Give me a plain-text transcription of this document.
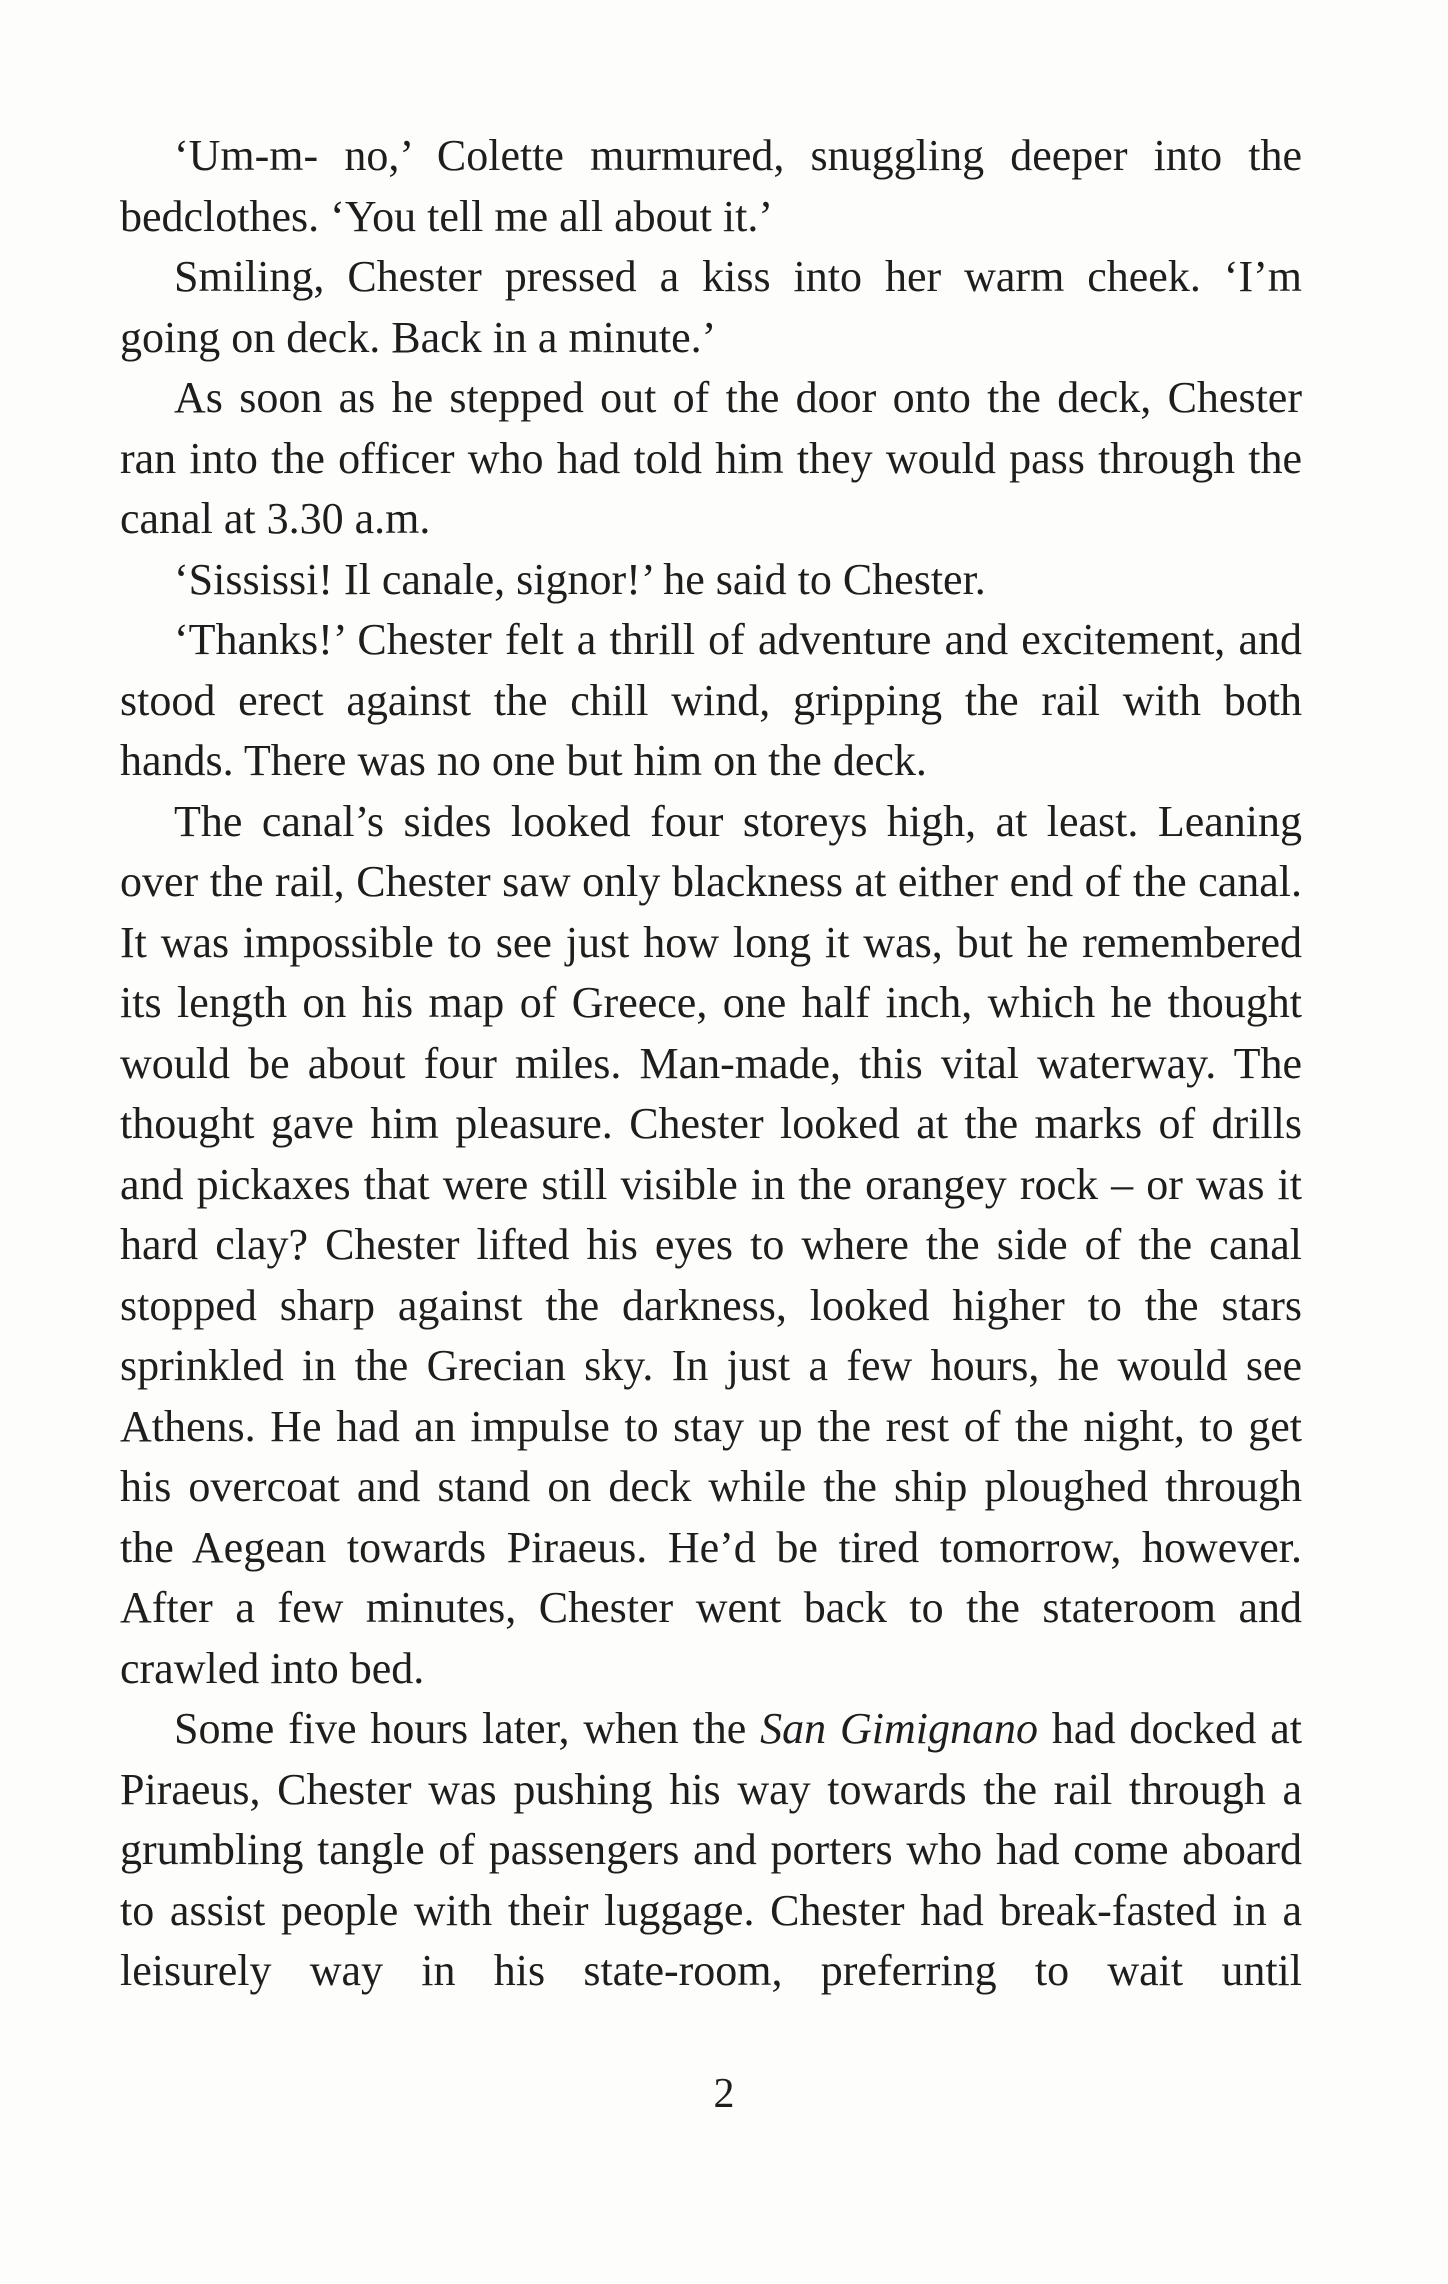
‘Um-m- no,’ Colette murmured, snuggling deeper into the bedclothes. ‘You tell me all about it.’

Smiling, Chester pressed a kiss into her warm cheek. ‘I’m going on deck. Back in a minute.’

As soon as he stepped out of the door onto the deck, Chester ran into the officer who had told him they would pass through the canal at 3.30 a.m.

‘Sississi! Il canale, signor!’ he said to Chester.

‘Thanks!’ Chester felt a thrill of adventure and excitement, and stood erect against the chill wind, gripping the rail with both hands. There was no one but him on the deck.

The canal’s sides looked four storeys high, at least. Leaning over the rail, Chester saw only blackness at either end of the canal. It was impossible to see just how long it was, but he remembered its length on his map of Greece, one half inch, which he thought would be about four miles. Man-made, this vital waterway. The thought gave him pleasure. Chester looked at the marks of drills and pickaxes that were still visible in the orangey rock – or was it hard clay? Chester lifted his eyes to where the side of the canal stopped sharp against the darkness, looked higher to the stars sprinkled in the Grecian sky. In just a few hours, he would see Athens. He had an impulse to stay up the rest of the night, to get his overcoat and stand on deck while the ship ploughed through the Aegean towards Piraeus. He’d be tired tomorrow, however. After a few minutes, Chester went back to the stateroom and crawled into bed.

Some five hours later, when the San Gimignano had docked at Piraeus, Chester was pushing his way towards the rail through a grumbling tangle of passengers and porters who had come aboard to assist people with their luggage. Chester had break-fasted in a leisurely way in his state-room, preferring to wait until

2
